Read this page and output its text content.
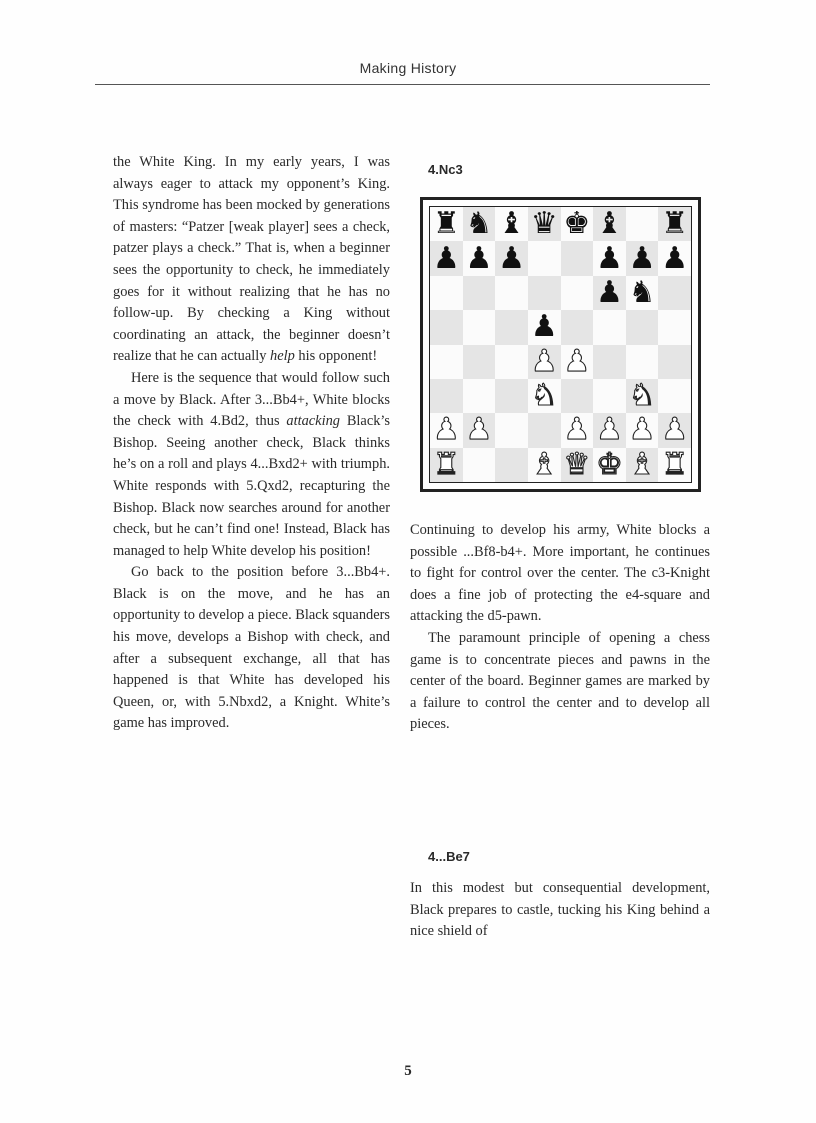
Making History

the White King. In my early years, I was always eager to attack my opponent’s King. This syndrome has been mocked by generations of masters: “Patzer [weak player] sees a check, patzer plays a check.” That is, when a beginner sees the opportunity to check, he immediately goes for it without realizing that he has no follow-up. By checking a King without coordinating an attack, the beginner doesn’t realize that he can actually help his opponent!

Here is the sequence that would follow such a move by Black. After 3...Bb4+, White blocks the check with 4.Bd2, thus attacking Black’s Bishop. Seeing another check, Black thinks he’s on a roll and plays 4...Bxd2+ with triumph. White responds with 5.Qxd2, recapturing the Bishop. Black now searches around for another check, but he can’t find one! Instead, Black has managed to help White develop his position!

Go back to the position before 3...Bb4+. Black is on the move, and he has an opportunity to develop a piece. Black squanders his move, develops a Bishop with check, and after a subsequent exchange, all that has happened is that White has developed his Queen, or, with 5.Nbxd2, a Knight. White’s game has improved.

4.Nc3
♜ ♞ ♝ ♛ ♚ ♝ ♜
♟ ♟ ♟ ♟ ♟ ♟
♟ ♞
♟
♟ ♟
♞ ♞
♟ ♟ ♟ ♟ ♟ ♟
♜ ♝ ♛ ♚ ♝ ♜

Continuing to develop his army, White blocks a possible ...Bf8-b4+. More important, he continues to fight for control over the center. The c3-Knight does a fine job of protecting the e4-square and attacking the d5-pawn.

The paramount principle of opening a chess game is to concentrate pieces and pawns in the center of the board. Beginner games are marked by a failure to control the center and to develop all pieces.

4...Be7

In this modest but consequential development, Black prepares to castle, tucking his King behind a nice shield of

5
